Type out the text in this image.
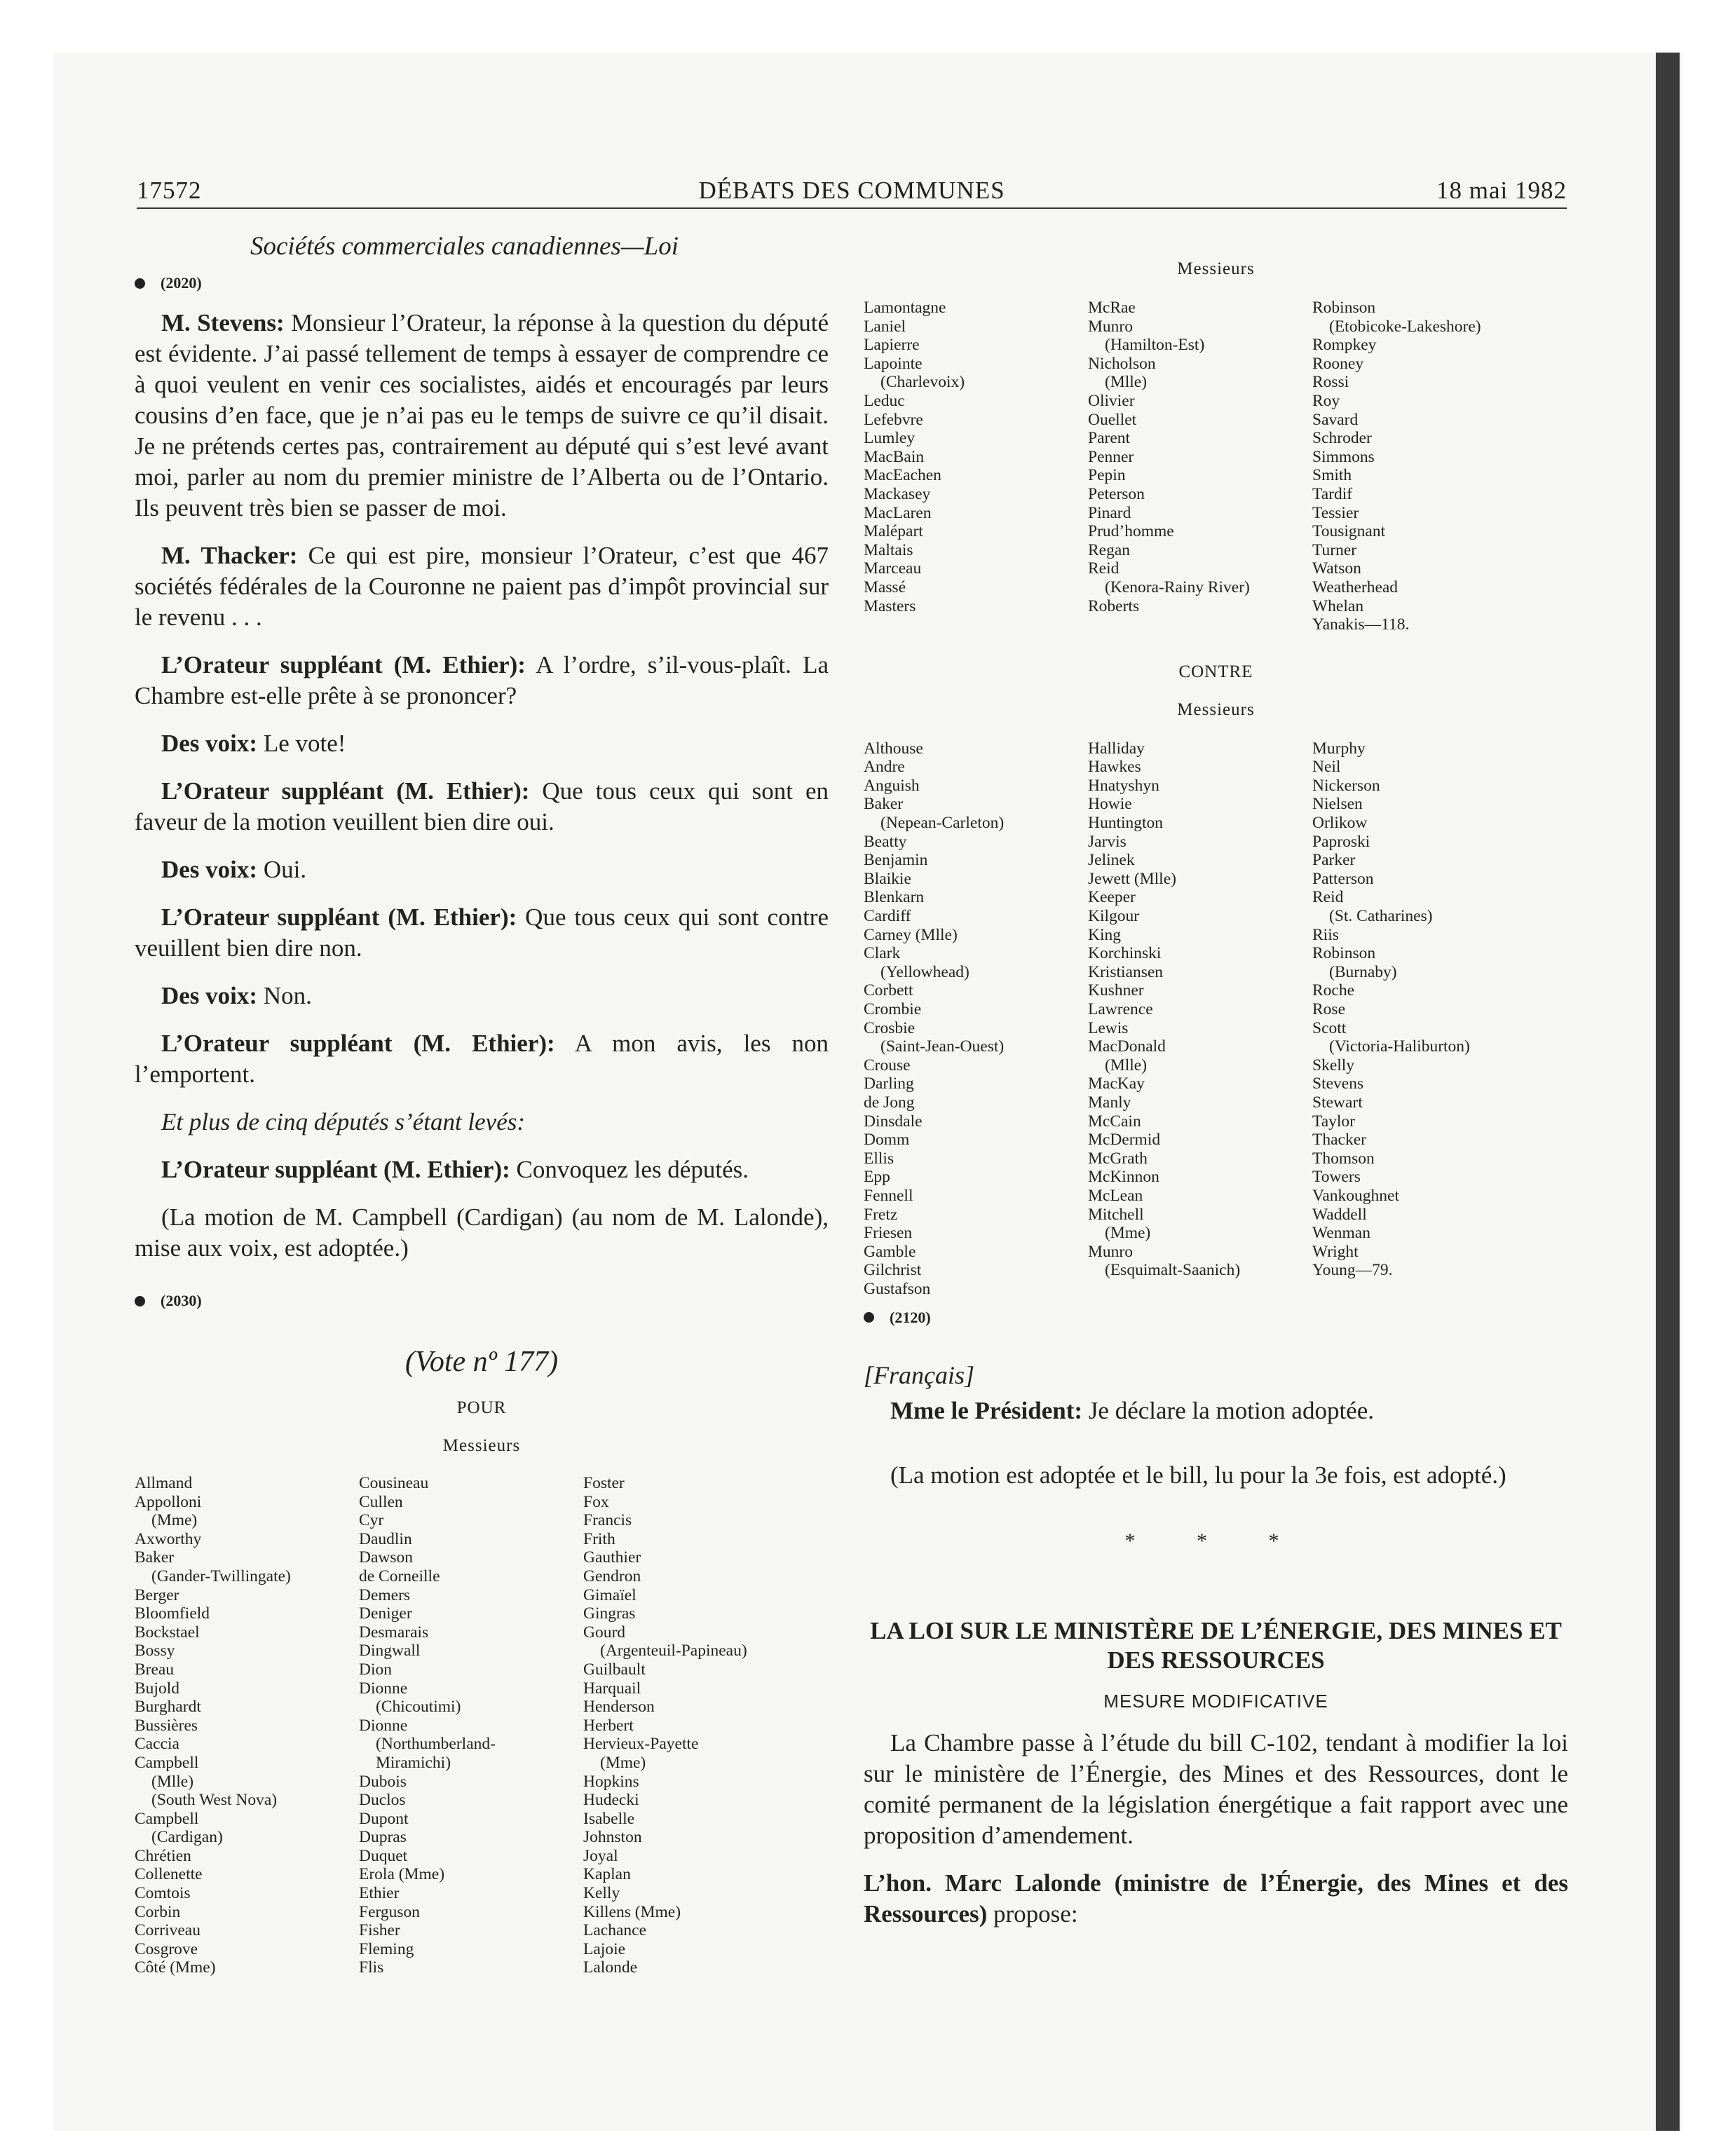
17572	DÉBATS DES COMMUNES	18 mai 1982
Sociétés commerciales canadiennes—Loi
(2020)

M. Stevens: Monsieur l’Orateur, la réponse à la question du député est évidente. J’ai passé tellement de temps à essayer de comprendre ce à quoi veulent en venir ces socialistes, aidés et encouragés par leurs cousins d’en face, que je n’ai pas eu le temps de suivre ce qu’il disait. Je ne prétends certes pas, contrairement au député qui s’est levé avant moi, parler au nom du premier ministre de l’Alberta ou de l’Ontario. Ils peuvent très bien se passer de moi.

M. Thacker: Ce qui est pire, monsieur l’Orateur, c’est que 467 sociétés fédérales de la Couronne ne paient pas d’impôt provincial sur le revenu . . .

L’Orateur suppléant (M. Ethier): A l’ordre, s’il-vous-plaît. La Chambre est-elle prête à se prononcer?

Des voix: Le vote!

L’Orateur suppléant (M. Ethier): Que tous ceux qui sont en faveur de la motion veuillent bien dire oui.

Des voix: Oui.

L’Orateur suppléant (M. Ethier): Que tous ceux qui sont contre veuillent bien dire non.

Des voix: Non.

L’Orateur suppléant (M. Ethier): A mon avis, les non l’emportent.

Et plus de cinq députés s’étant levés:

L’Orateur suppléant (M. Ethier): Convoquez les députés.

(La motion de M. Campbell (Cardigan) (au nom de M. Lalonde), mise aux voix, est adoptée.)

(2030)
(Vote nº 177)
POUR
Messieurs
Allmand
Appolloni
(Mme)
Axworthy
Baker
(Gander-Twillingate)
Berger
Bloomfield
Bockstael
Bossy
Breau
Bujold
Burghardt
Bussières
Caccia
Campbell
(Mlle)
(South West Nova)
Campbell
(Cardigan)
Chrétien
Collenette
Comtois
Corbin
Corriveau
Cosgrove
Côté (Mme)
Cousineau
Cullen
Cyr
Daudlin
Dawson
de Corneille
Demers
Deniger
Desmarais
Dingwall
Dion
Dionne
(Chicoutimi)
Dionne
(Northumberland-
Miramichi)
Dubois
Duclos
Dupont
Dupras
Duquet
Erola (Mme)
Ethier
Ferguson
Fisher
Fleming
Flis
Foster
Fox
Francis
Frith
Gauthier
Gendron
Gimaïel
Gingras
Gourd
(Argenteuil-Papineau)
Guilbault
Harquail
Henderson
Herbert
Hervieux-Payette
(Mme)
Hopkins
Hudecki
Isabelle
Johnston
Joyal
Kaplan
Kelly
Killens (Mme)
Lachance
Lajoie
Lalonde
Messieurs
Lamontagne
Laniel
Lapierre
Lapointe
(Charlevoix)
Leduc
Lefebvre
Lumley
MacBain
MacEachen
Mackasey
MacLaren
Malépart
Maltais
Marceau
Massé
Masters
McRae
Munro
(Hamilton-Est)
Nicholson
(Mlle)
Olivier
Ouellet
Parent
Penner
Pepin
Peterson
Pinard
Prud’homme
Regan
Reid
(Kenora-Rainy River)
Roberts
Robinson
(Etobicoke-Lakeshore)
Rompkey
Rooney
Rossi
Roy
Savard
Schroder
Simmons
Smith
Tardif
Tessier
Tousignant
Turner
Watson
Weatherhead
Whelan
Yanakis—118.
CONTRE
Messieurs
Althouse
Andre
Anguish
Baker
(Nepean-Carleton)
Beatty
Benjamin
Blaikie
Blenkarn
Cardiff
Carney (Mlle)
Clark
(Yellowhead)
Corbett
Crombie
Crosbie
(Saint-Jean-Ouest)
Crouse
Darling
de Jong
Dinsdale
Domm
Ellis
Epp
Fennell
Fretz
Friesen
Gamble
Gilchrist
Gustafson
Halliday
Hawkes
Hnatyshyn
Howie
Huntington
Jarvis
Jelinek
Jewett (Mlle)
Keeper
Kilgour
King
Korchinski
Kristiansen
Kushner
Lawrence
Lewis
MacDonald
(Mlle)
MacKay
Manly
McCain
McDermid
McGrath
McKinnon
McLean
Mitchell
(Mme)
Munro
(Esquimalt-Saanich)
Murphy
Neil
Nickerson
Nielsen
Orlikow
Paproski
Parker
Patterson
Reid
(St. Catharines)
Riis
Robinson
(Burnaby)
Roche
Rose
Scott
(Victoria-Haliburton)
Skelly
Stevens
Stewart
Taylor
Thacker
Thomson
Towers
Vankoughnet
Waddell
Wenman
Wright
Young—79.
(2120)
[Français]

Mme le Président: Je déclare la motion adoptée.

(La motion est adoptée et le bill, lu pour la 3e fois, est adopté.)

* * *
LA LOI SUR LE MINISTÈRE DE L’ÉNERGIE, DES MINES ET DES RESSOURCES
MESURE MODIFICATIVE

La Chambre passe à l’étude du bill C-102, tendant à modifier la loi sur le ministère de l’Énergie, des Mines et des Ressources, dont le comité permanent de la législation énergétique a fait rapport avec une proposition d’amendement.

L’hon. Marc Lalonde (ministre de l’Énergie, des Mines et des Ressources) propose:
